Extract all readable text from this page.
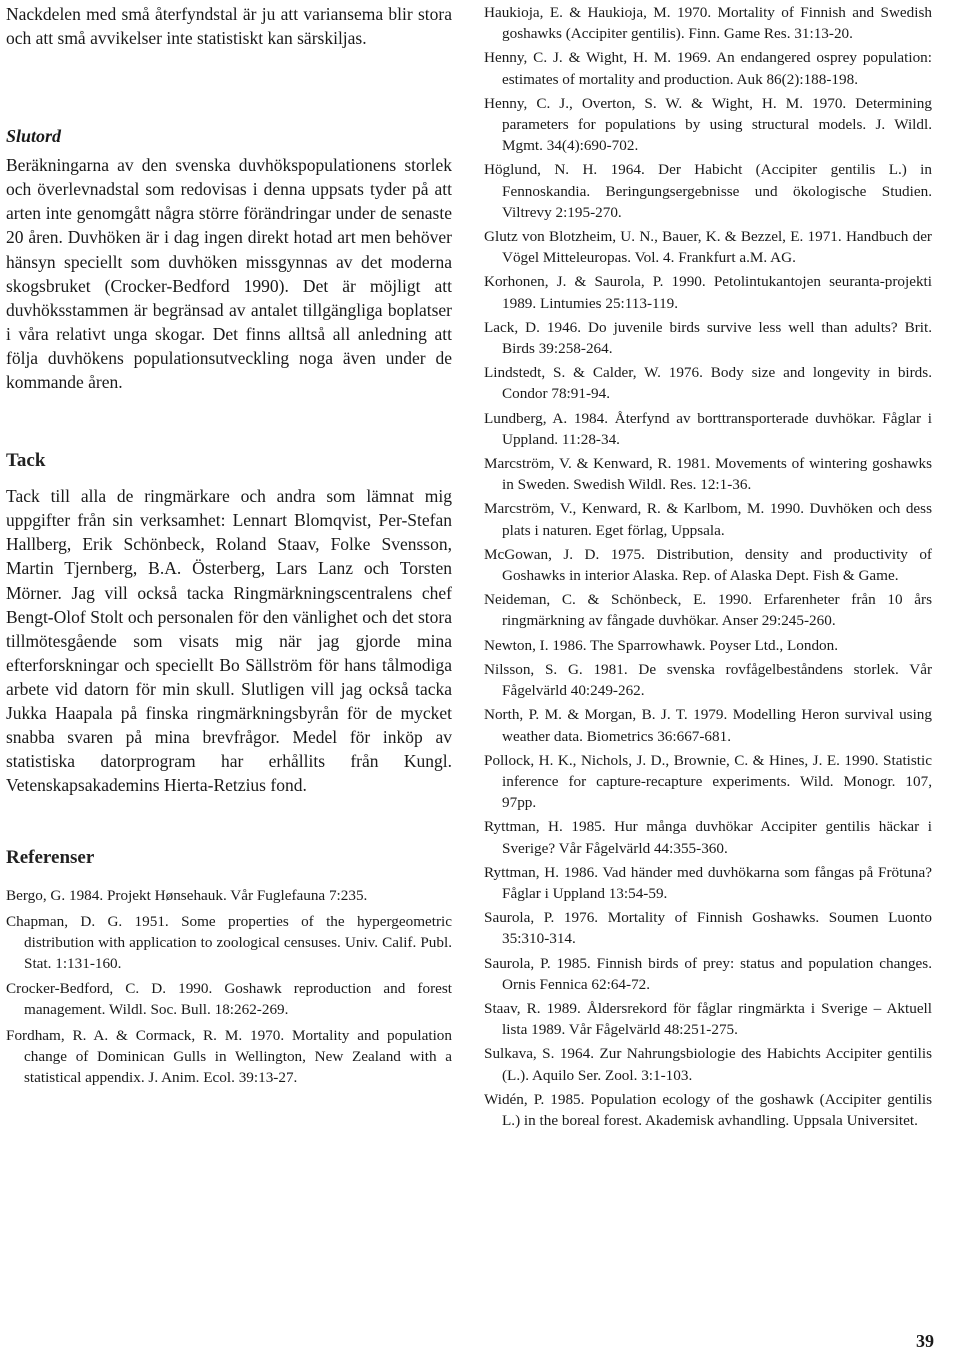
Nackdelen med små återfyndstal är ju att variansema blir stora och att små avvikelser inte statistiskt kan särskiljas.

Slutord

Beräkningarna av den svenska duvhökspopulationens storlek och överlevnadstal som redovisas i denna uppsats tyder på att arten inte genomgått några större förändringar under de senaste 20 åren. Duvhöken är i dag ingen direkt hotad art men behöver hänsyn speciellt som duvhöken missgynnas av det moderna skogsbruket (Crocker-Bedford 1990). Det är möjligt att duvhöksstammen är begränsad av antalet tillgängliga boplatser i våra relativt unga skogar. Det finns alltså all anledning att följa duvhökens populationsutveckling noga även under de kommande åren.

Tack

Tack till alla de ringmärkare och andra som lämnat mig uppgifter från sin verksamhet: Lennart Blomqvist, Per-Stefan Hallberg, Erik Schönbeck, Roland Staav, Folke Svensson, Martin Tjernberg, B.A. Österberg, Lars Lanz och Torsten Mörner. Jag vill också tacka Ringmärkningscentralens chef Bengt-Olof Stolt och personalen för den vänlighet och det stora tillmötesgående som visats mig när jag gjorde mina efterforskningar och speciellt Bo Sällström för hans tålmodiga arbete vid datorn för min skull. Slutligen vill jag också tacka Jukka Haapala på finska ringmärkningsbyrån för de mycket snabba svaren på mina brevfrågor. Medel för inköp av statistiska datorprogram har erhållits från Kungl. Vetenskapsakademins Hierta-Retzius fond.

Referenser
Bergo, G. 1984. Projekt Hønsehauk. Vår Fuglefauna 7:235.
Chapman, D. G. 1951. Some properties of the hypergeometric distribution with application to zoological censuses. Univ. Calif. Publ. Stat. 1:131-160.
Crocker-Bedford, C. D. 1990. Goshawk reproduction and forest management. Wildl. Soc. Bull. 18:262-269.
Fordham, R. A. & Cormack, R. M. 1970. Mortality and population change of Dominican Gulls in Wellington, New Zealand with a statistical appendix. J. Anim. Ecol. 39:13-27.
Haukioja, E. & Haukioja, M. 1970. Mortality of Finnish and Swedish goshawks (Accipiter gentilis). Finn. Game Res. 31:13-20.
Henny, C. J. & Wight, H. M. 1969. An endangered osprey population: estimates of mortality and production. Auk 86(2):188-198.
Henny, C. J., Overton, S. W. & Wight, H. M. 1970. Determining parameters for populations by using structural models. J. Wildl. Mgmt. 34(4):690-702.
Höglund, N. H. 1964. Der Habicht (Accipiter gentilis L.) in Fennoskandia. Beringungsergebnisse und ökologische Studien. Viltrevy 2:195-270.
Glutz von Blotzheim, U. N., Bauer, K. & Bezzel, E. 1971. Handbuch der Vögel Mitteleuropas. Vol. 4. Frankfurt a.M. AG.
Korhonen, J. & Saurola, P. 1990. Petolintukantojen seuranta-projekti 1989. Lintumies 25:113-119.
Lack, D. 1946. Do juvenile birds survive less well than adults? Brit. Birds 39:258-264.
Lindstedt, S. & Calder, W. 1976. Body size and longevity in birds. Condor 78:91-94.
Lundberg, A. 1984. Återfynd av borttransporterade duvhökar. Fåglar i Uppland. 11:28-34.
Marcström, V. & Kenward, R. 1981. Movements of wintering goshawks in Sweden. Swedish Wildl. Res. 12:1-36.
Marcström, V., Kenward, R. & Karlbom, M. 1990. Duvhöken och dess plats i naturen. Eget förlag, Uppsala.
McGowan, J. D. 1975. Distribution, density and productivity of Goshawks in interior Alaska. Rep. of Alaska Dept. Fish & Game.
Neideman, C. & Schönbeck, E. 1990. Erfarenheter från 10 års ringmärkning av fångade duvhökar. Anser 29:245-260.
Newton, I. 1986. The Sparrowhawk. Poyser Ltd., London.
Nilsson, S. G. 1981. De svenska rovfågelbeståndens storlek. Vår Fågelvärld 40:249-262.
North, P. M. & Morgan, B. J. T. 1979. Modelling Heron survival using weather data. Biometrics 36:667-681.
Pollock, H. K., Nichols, J. D., Brownie, C. & Hines, J. E. 1990. Statistic inference for capture-recapture experiments. Wild. Monogr. 107, 97pp.
Ryttman, H. 1985. Hur många duvhökar Accipiter gentilis häckar i Sverige? Vår Fågelvärld 44:355-360.
Ryttman, H. 1986. Vad händer med duvhökarna som fångas på Frötuna? Fåglar i Uppland 13:54-59.
Saurola, P. 1976. Mortality of Finnish Goshawks. Soumen Luonto 35:310-314.
Saurola, P. 1985. Finnish birds of prey: status and population changes. Ornis Fennica 62:64-72.
Staav, R. 1989. Åldersrekord för fåglar ringmärkta i Sverige – Aktuell lista 1989. Vår Fågelvärld 48:251-275.
Sulkava, S. 1964. Zur Nahrungsbiologie des Habichts Accipiter gentilis (L.). Aquilo Ser. Zool. 3:1-103.
Widén, P. 1985. Population ecology of the goshawk (Accipiter gentilis L.) in the boreal forest. Akademisk avhandling. Uppsala Universitet.
39
